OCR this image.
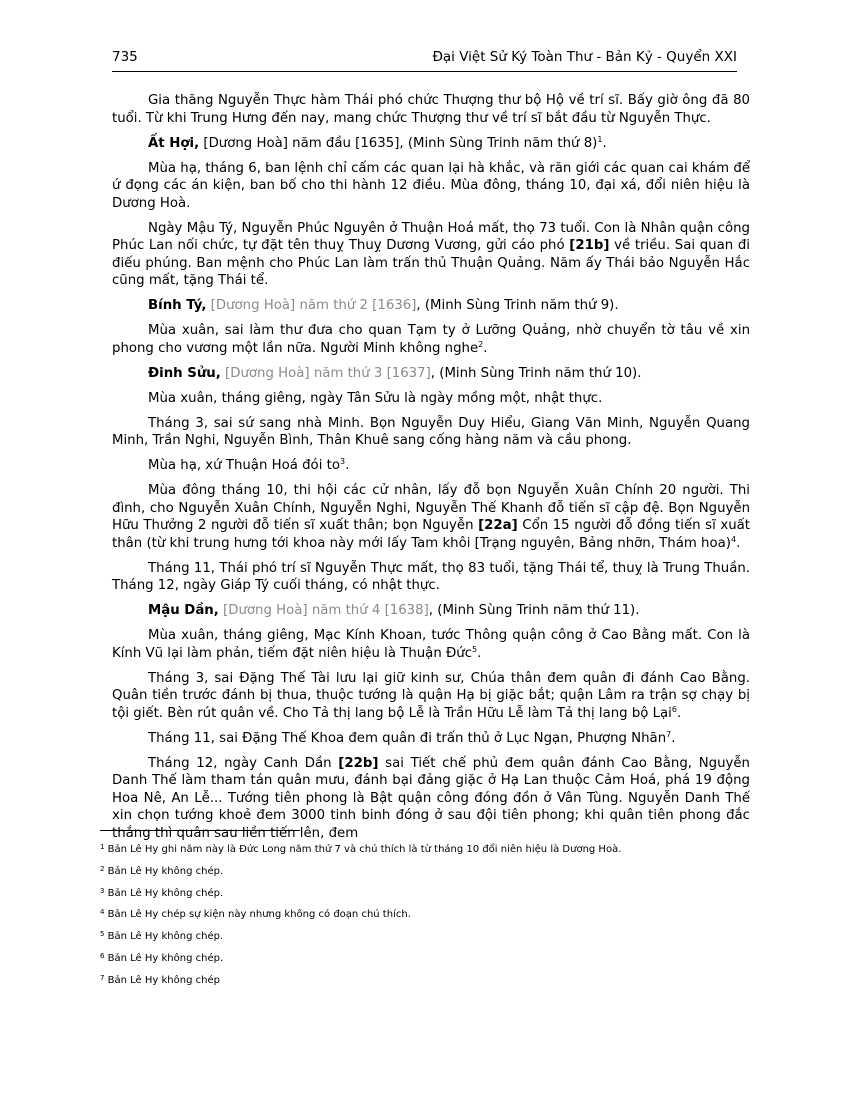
735	Đại Việt Sử Ký Toàn Thư - Bản Kỷ - Quyển XXI

Gia thăng Nguyễn Thực hàm Thái phó chức Thượng thư bộ Hộ về trí sĩ. Bấy giờ ông đã 80 tuổi. Từ khi Trung Hưng đến nay, mang chức Thượng thư về trí sĩ bắt đầu từ Nguyễn Thực.

Ất Hợi, [Dương Hoà] năm đầu [1635], (Minh Sùng Trinh năm thứ 8)$^1$.

Mùa hạ, tháng 6, ban lệnh chỉ cấm các quan lại hà khắc, và răn giới các quan cai khám để ứ đọng các án kiện, ban bố cho thi hành 12 điều. Mùa đông, tháng 10, đại xá, đổi niên hiệu là Dương Hoà.

Ngày Mậu Tý, Nguyễn Phúc Nguyên ở Thuận Hoá mất, thọ 73 tuổi. Con là Nhân quận công Phúc Lan nối chức, tự đặt tên thuỵ Thuỵ Dương Vương, gửi cáo phó [21b] về triều. Sai quan đi điếu phúng. Ban mệnh cho Phúc Lan làm trấn thủ Thuận Quảng. Năm ấy Thái bảo Nguyễn Hắc cũng mất, tặng Thái tể.

Bính Tý, [Dương Hoà] năm thứ 2 [1636], (Minh Sùng Trinh năm thứ 9).

Mùa xuân, sai làm thư đưa cho quan Tạm ty ở Lưỡng Quảng, nhờ chuyển tờ tâu về xin phong cho vương một lần nữa. Người Minh không nghe$^2$.

Đinh Sửu, [Dương Hoà] năm thứ 3 [1637], (Minh Sùng Trinh năm thứ 10).

Mùa xuân, tháng giêng, ngày Tân Sửu là ngày mồng một, nhật thực.

Tháng 3, sai sứ sang nhà Minh. Bọn Nguyễn Duy Hiểu, Giang Văn Minh, Nguyễn Quang Minh, Trần Nghi, Nguyễn Bình, Thân Khuê sang cống hàng năm và cầu phong.

Mùa hạ, xứ Thuận Hoá đói $to^3$.

Mùa đông tháng 10, thi hội các cử nhân, lấy đỗ bọn Nguyễn Xuân Chính 20 người. Thi đình, cho Nguyễn Xuân Chính, Nguyễn Nghi, Nguyễn Thế Khanh đỗ tiến sĩ cập đệ. Bọn Nguyễn Hữu Thưởng 2 người đỗ tiến sĩ xuất thân; bọn Nguyễn [22a] Cổn 15 người đỗ đồng tiến sĩ xuất thân (từ khi trung hưng tới khoa này mới lấy Tam khôi [Trạng nguyên, Bảng nhỡn, Thám hoa)$^4$.

Tháng 11, Thái phó trí sĩ Nguyễn Thực mất, thọ 83 tuổi, tặng Thái tể, thuỵ là Trung Thuần. Tháng 12, ngày Giáp Tý cuối tháng, có nhật thực.

Mậu Dần, [Dương Hoà] năm thứ 4 [1638], (Minh Sùng Trinh năm thứ 11).

Mùa xuân, tháng giêng, Mạc Kính Khoan, tước Thông quận công ở Cao Bằng mất. Con là Kính Vũ lại làm phản, tiếm đặt niên hiệu là Thuận Đức$^5$.

Tháng 3, sai Đặng Thế Tài lưu lại giữ kinh sư, Chúa thân đem quân đi đánh Cao Bằng. Quân tiền trước đánh bị thua, thuộc tướng là quận Hạ bị giặc bắt; quận Lâm ra trận sợ chạy bị tội giết. Bèn rút quân về. Cho Tả thị lang bộ Lễ là Trần Hữu Lễ làm Tả thị lang bộ Lại$^6$.

Tháng 11, sai Đặng Thế Khoa đem quân đi trấn thủ ở Lục Ngạn, Phượng Nhãn$^7$.

Tháng 12, ngày Canh Dần [22b] sai Tiết chế phủ đem quân đánh Cao Bằng, Nguyễn Danh Thế làm tham tán quân mưu, đánh bại đảng giặc ở Hạ Lan thuộc Cảm Hoá, phá 19 động Hoa Nê, An Lễ... Tướng tiên phong là Bật quận công đóng đồn ở Vân Tùng. Nguyễn Danh Thế xin chọn tướng khoẻ đem 3000 tinh binh đóng ở sau đội tiên phong; khi quân tiên phong đắc thắng thì quân sau liền tiến lên, đem

$^1$ Bản Lê Hy ghi năm này là Đức Long năm thứ 7 và chú thích là từ tháng 10 đổi niên hiệu là Dương Hoà.
$^2$ Bản Lê Hy không chép.
$^3$ Bản Lê Hy không chép.
$^4$ Bản Lê Hy chép sự kiện này nhưng không có đoạn chú thích.
$^5$ Bản Lê Hy không chép.
$^6$ Bản Lê Hy không chép.
$^7$ Bản Lê Hy không chép
